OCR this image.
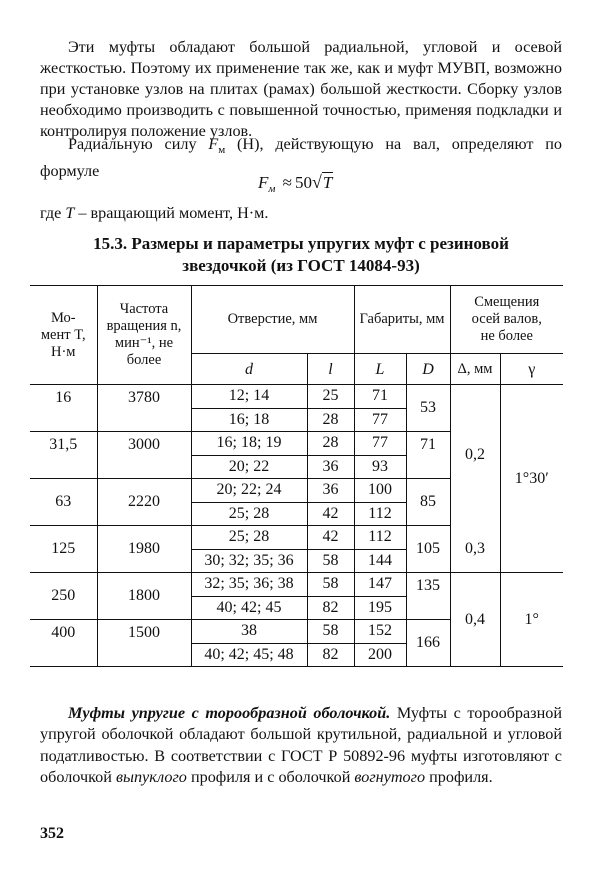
Эти муфты обладают большой радиальной, угловой и осевой жесткостью. Поэтому их применение так же, как и муфт МУВП, возможно при установке узлов на плитах (рамах) большой жесткости. Сборку узлов необходимо производить с повышенной точностью, применяя подкладки и контролируя положение узлов.

Радиальную силу $F_м$ (Н), действующую на вал, определяют по формуле

$F_м \approx 50√T$
где T – вращающий момент, Н·м.
15.3. Размеры и параметры упругих муфт с резиновой
звездочкой (из ГОСТ 14084-93)
Мо-
мент T,
Н·м	Частота
вращения n,
мин⁻¹, не
более	Отверстие, мм		Габариты, мм		Смещения
осей валов,
не более	
		d	l	L	D	Δ, мм	γ
16	3780	12; 14	25	71	53	0,2	1°30′
		16; 18	28	77			
31,5	3000	16; 18; 19	28	77	71		
		20; 22	36	93			
63	2220	20; 22; 24	36	100	85		
		25; 28	42	112			
125	1980	25; 28	42	112	105	0,3	
		30; 32; 35; 36	58	144			
250	1800	32; 35; 36; 38	58	147	135	0,4	1°
		40; 42; 45	82	195			
400	1500	38	58	152	166		
		40; 42; 45; 48	82	200			

Муфты упругие с торообразной оболочкой. Муфты с торообразной упругой оболочкой обладают большой крутильной, радиальной и угловой податливостью. В соответствии с ГОСТ Р 50892-96 муфты изготовляют с оболочкой выпуклого профиля и с оболочкой вогнутого профиля.

352
